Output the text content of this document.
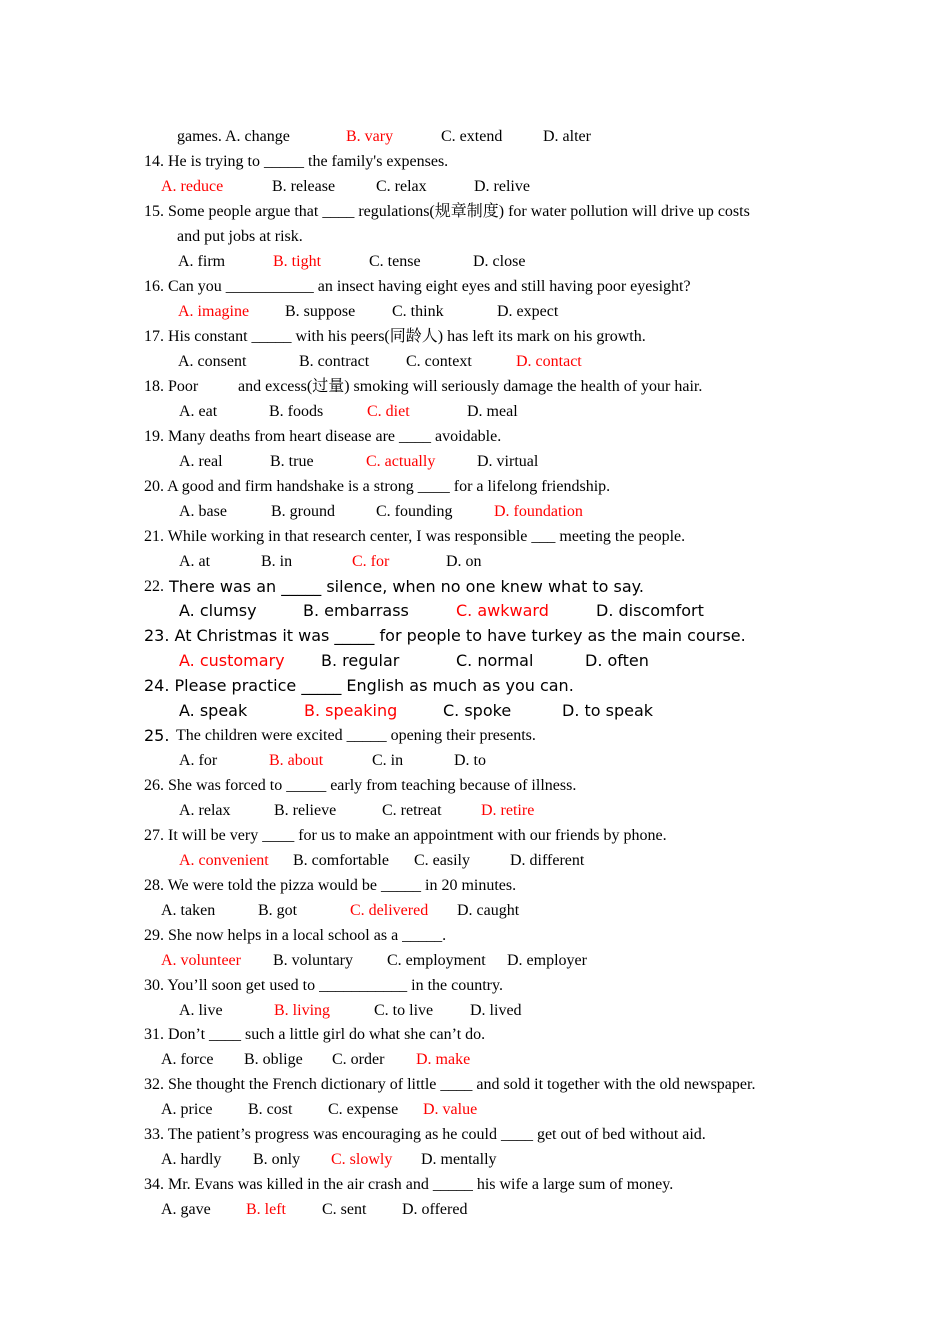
games. A. change	B. vary	C. extend	D. alter
14. He is trying to _____ the family's expenses.
A. reduce	B. release	C. relax	D. relive
15. Some people argue that ____ regulations(规章制度) for water pollution will drive up costs
and put jobs at risk.
A. firm	B. tight	C. tense	D. close
16. Can you ___________ an insect having eight eyes and still having poor eyesight?
A. imagine B. suppose C. think	D. expect
17. His constant _____ with his peers(同龄人) has left its mark on his growth.
A. consent	B. contract C. context	D. contact
18. Poor and excess(过量) smoking will seriously damage the health of your hair.
A. eat	B. foods	C. diet	D. meal
19. Many deaths from heart disease are ____ avoidable.
A. real	B. true	C. actually	D. virtual
20. A good and firm handshake is a strong ____ for a lifelong friendship.
A. base	B. ground	C. founding	D. foundation
21. While working in that research center, I was responsible ___ meeting the people.
A. at	B. in	C. for	D. on
22. There was an _____ silence, when no one knew what to say.
A. clumsy	B. embarrass	C. awkward	D. discomfort
23. At Christmas it was _____ for people to have turkey as the main course.
A. customary B. regular	C. normal	D. often
24. Please practice _____ English as much as you can.
A. speak	B. speaking	C. spoke	D. to speak
25. The children were excited _____ opening their presents.
A. for	B. about	C. in	D. to
26. She was forced to _____ early from teaching because of illness.
A. relax	B. relieve	C. retreat D. retire
27. It will be very ____ for us to make an appointment with our friends by phone.
A. convenient B. comfortable C. easily	D. different
28. We were told the pizza would be _____ in 20 minutes.
A. taken	B. got	C. delivered D. caught
29. She now helps in a local school as a _____.
A. volunteer B. voluntary C. employment D. employer
30. You’ll soon get used to ___________ in the country.
A. live	B. living	C. to live D. lived
31. Don’t ____ such a little girl do what she can’t do.
A. force B. oblige C. order D. make
32. She thought the French dictionary of little ____ and sold it together with the old newspaper.
A. price B. cost C. expense D. value
33. The patient’s progress was encouraging as he could ____ get out of bed without aid.
A. hardly B. only C. slowly D. mentally
34. Mr. Evans was killed in the air crash and _____ his wife a large sum of money.
A. gave B. left C. sent D. offered
